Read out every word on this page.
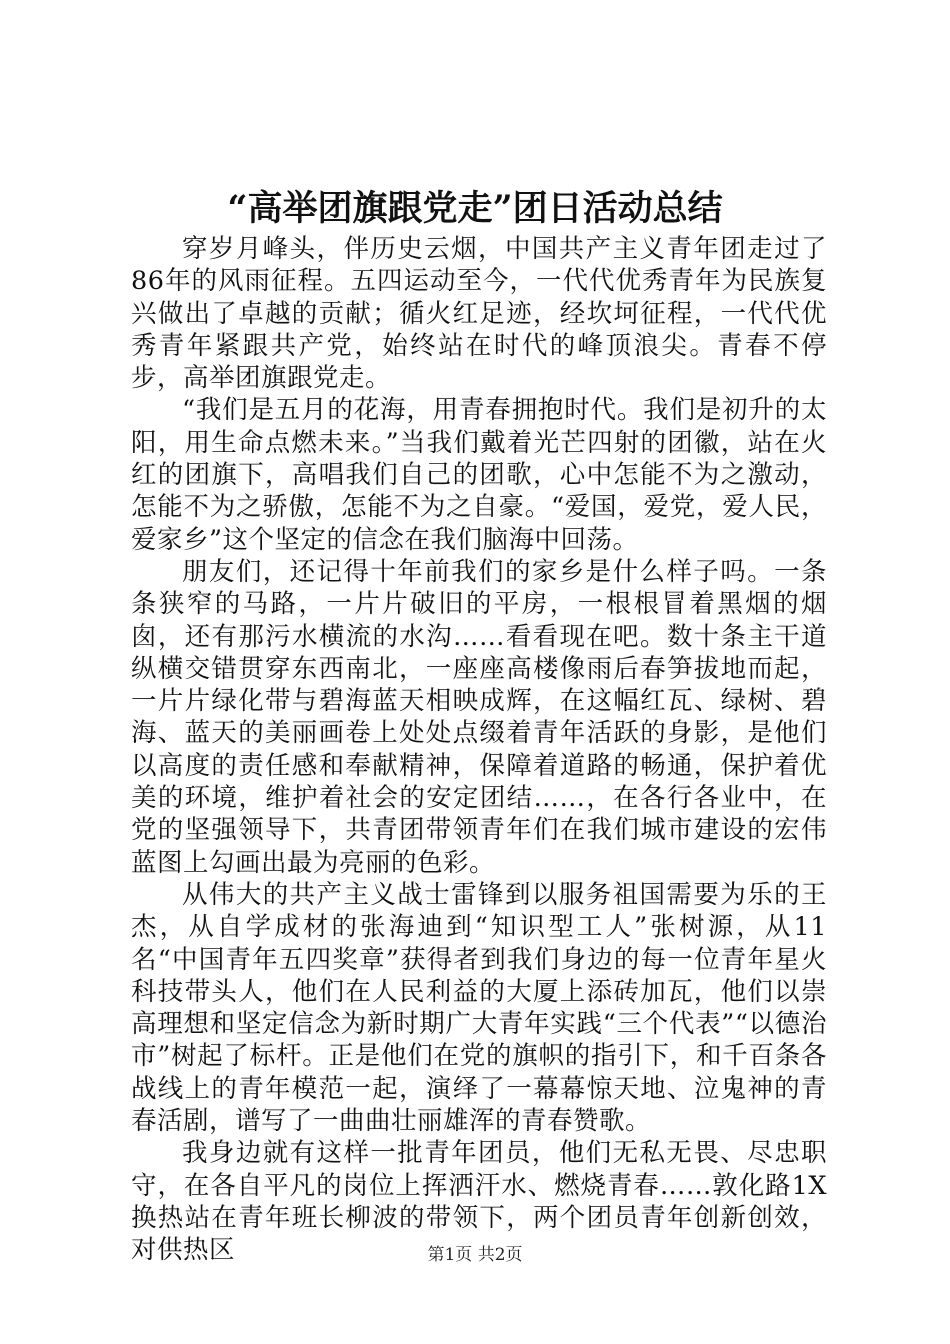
“高举团旗跟党走”团日活动总结

穿岁月峰头，伴历史云烟，中国共产主义青年团走过了86年的风雨征程。五四运动至今，一代代优秀青年为民族复兴做出了卓越的贡献；循火红足迹，经坎坷征程，一代代优秀青年紧跟共产党，始终站在时代的峰顶浪尖。青春不停步，高举团旗跟党走。

“我们是五月的花海，用青春拥抱时代。我们是初升的太阳，用生命点燃未来。”当我们戴着光芒四射的团徽，站在火红的团旗下，高唱我们自己的团歌，心中怎能不为之激动，怎能不为之骄傲，怎能不为之自豪。“爱国，爱党，爱人民，爱家乡”这个坚定的信念在我们脑海中回荡。

朋友们，还记得十年前我们的家乡是什么样子吗。一条条狭窄的马路，一片片破旧的平房，一根根冒着黑烟的烟囱，还有那污水横流的水沟……看看现在吧。数十条主干道纵横交错贯穿东西南北，一座座高楼像雨后春笋拔地而起，一片片绿化带与碧海蓝天相映成辉，在这幅红瓦、绿树、碧海、蓝天的美丽画卷上处处点缀着青年活跃的身影，是他们以高度的责任感和奉献精神，保障着道路的畅通，保护着优美的环境，维护着社会的安定团结……，在各行各业中，在党的坚强领导下，共青团带领青年们在我们城市建设的宏伟蓝图上勾画出最为亮丽的色彩。

从伟大的共产主义战士雷锋到以服务祖国需要为乐的王杰，从自学成材的张海迪到“知识型工人”张树源，从11名“中国青年五四奖章”获得者到我们身边的每一位青年星火科技带头人，他们在人民利益的大厦上添砖加瓦，他们以崇高理想和坚定信念为新时期广大青年实践“三个代表”“以德治市”树起了标杆。正是他们在党的旗帜的指引下，和千百条各战线上的青年模范一起，演绎了一幕幕惊天地、泣鬼神的青春活剧，谱写了一曲曲壮丽雄浑的青春赞歌。

我身边就有这样一批青年团员，他们无私无畏、尽忠职守，在各自平凡的岗位上挥洒汗水、燃烧青春……敦化路1X换热站在青年班长柳波的带领下，两个团员青年创新创效，对供热区	第1页 共2页
